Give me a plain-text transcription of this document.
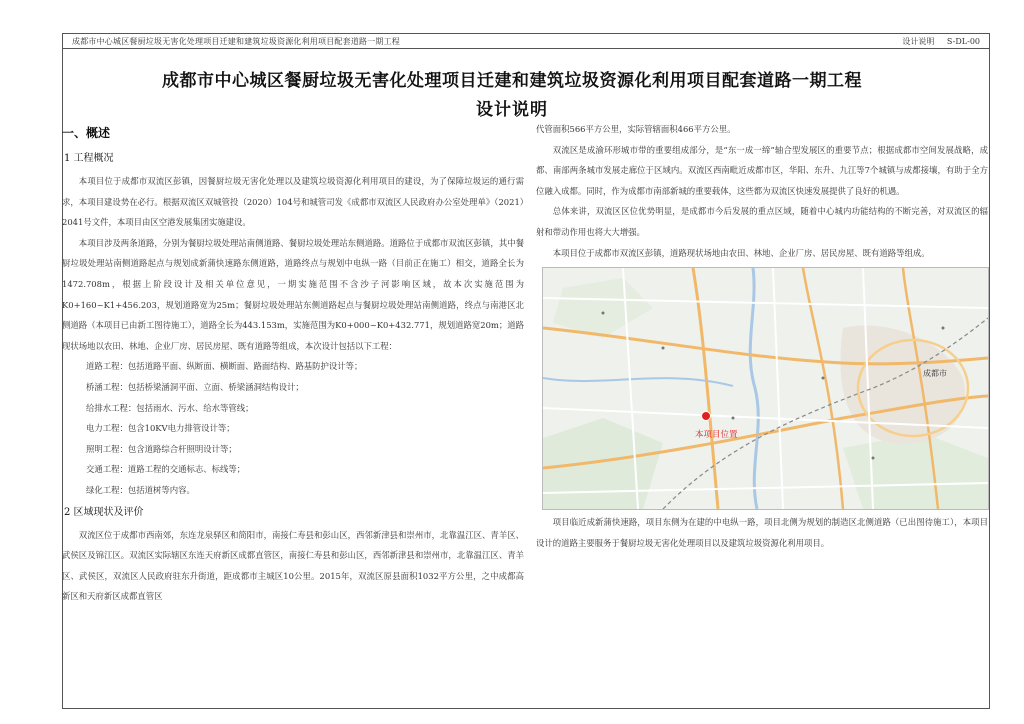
成都市中心城区餐厨垃圾无害化处理项目迁建和建筑垃圾资源化利用项目配套道路一期工程	设计说明 S-DL-00
成都市中心城区餐厨垃圾无害化处理项目迁建和建筑垃圾资源化利用项目配套道路一期工程
设计说明
一、概述
1 工程概况

本项目位于成都市双流区彭镇，因餐厨垃圾无害化处理以及建筑垃圾资源化利用项目的建设，为了保障垃圾运的通行需求，本项目建设势在必行。根据双流区双城管投（2020）104号和城管司发《成都市双流区人民政府办公室处理单》（2021）2041号文件，本项目由区空港发展集团实施建设。

本项目涉及两条道路，分别为餐厨垃圾处理站南侧道路、餐厨垃圾处理站东侧道路。道路位于成都市双流区彭镇，其中餐厨垃圾处理站南侧道路起点与规划成新蒲快速路东侧道路，道路终点与规划中电纵一路（目前正在施工）相交，道路全长为1472.708m，根据上阶段设计及相关单位意见，一期实施范围不含沙子河影响区域，故本次实施范围为K0+160~K1+456.203，规划道路宽为25m；餐厨垃圾处理站东侧道路起点与餐厨垃圾处理站南侧道路，终点与南港区北侧道路（本项目已由新工图待施工），道路全长为443.153m，实施范围为K0+000~K0+432.771，规划道路宽20m；道路现状场地以农田、林地、企业厂房、居民房屋、既有道路等组成，本次设计包括以下工程：

道路工程：包括道路平面、纵断面、横断面、路面结构、路基防护设计等；

桥涵工程：包括桥梁涵洞平面、立面、桥梁涵洞结构设计；

给排水工程：包括雨水、污水、给水等管线；

电力工程：包含10KV电力排管设计等；

照明工程：包含道路综合杆照明设计等；

交通工程：道路工程的交通标志、标线等；

绿化工程：包括道树等内容。

2 区域现状及评价

双流区位于成都市西南郊，东连龙泉驿区和简阳市，南接仁寿县和彭山区，西邻新津县和崇州市，北靠温江区、青羊区、武侯区及锦江区。双流区实际辖区东连天府新区成都直管区，南接仁寿县和彭山区，西邻新津县和崇州市，北靠温江区、青羊区、武侯区，双流区人民政府驻东升街道，距成都市主城区10公里。2015年，双流区原县面积1032平方公里，之中成都高新区和天府新区成都直管区

代管面积566平方公里，实际管辖面积466平方公里。

双流区是成渝环形城市带的重要组成部分，是“东一成一缔”轴合型发展区的重要节点；根据成都市空间发展战略，成都、南部两条城市发展走廊位于区域内。双流区西南毗近成都市区，华阳、东升、九江等7个城镇与成都接壤，有助于全方位融入成都。同时，作为成都市南部新城的重要载体，这些都为双流区快速发展提供了良好的机遇。

总体来讲，双流区区位优势明显，是成都市今后发展的重点区域，随着中心城内功能结构的不断完善，对双流区的辐射和带动作用也将大大增强。

本项目位于成都市双流区彭镇，道路现状场地由农田、林地、企业厂房、居民房屋、既有道路等组成。

成都市
本项目位置

项目临近成新蒲快速路，项目东侧为在建的中电纵一路，项目北侧为规划的制造区北侧道路（已出图待施工），本项目设计的道路主要服务于餐厨垃圾无害化处理项目以及建筑垃圾资源化利用项目。
